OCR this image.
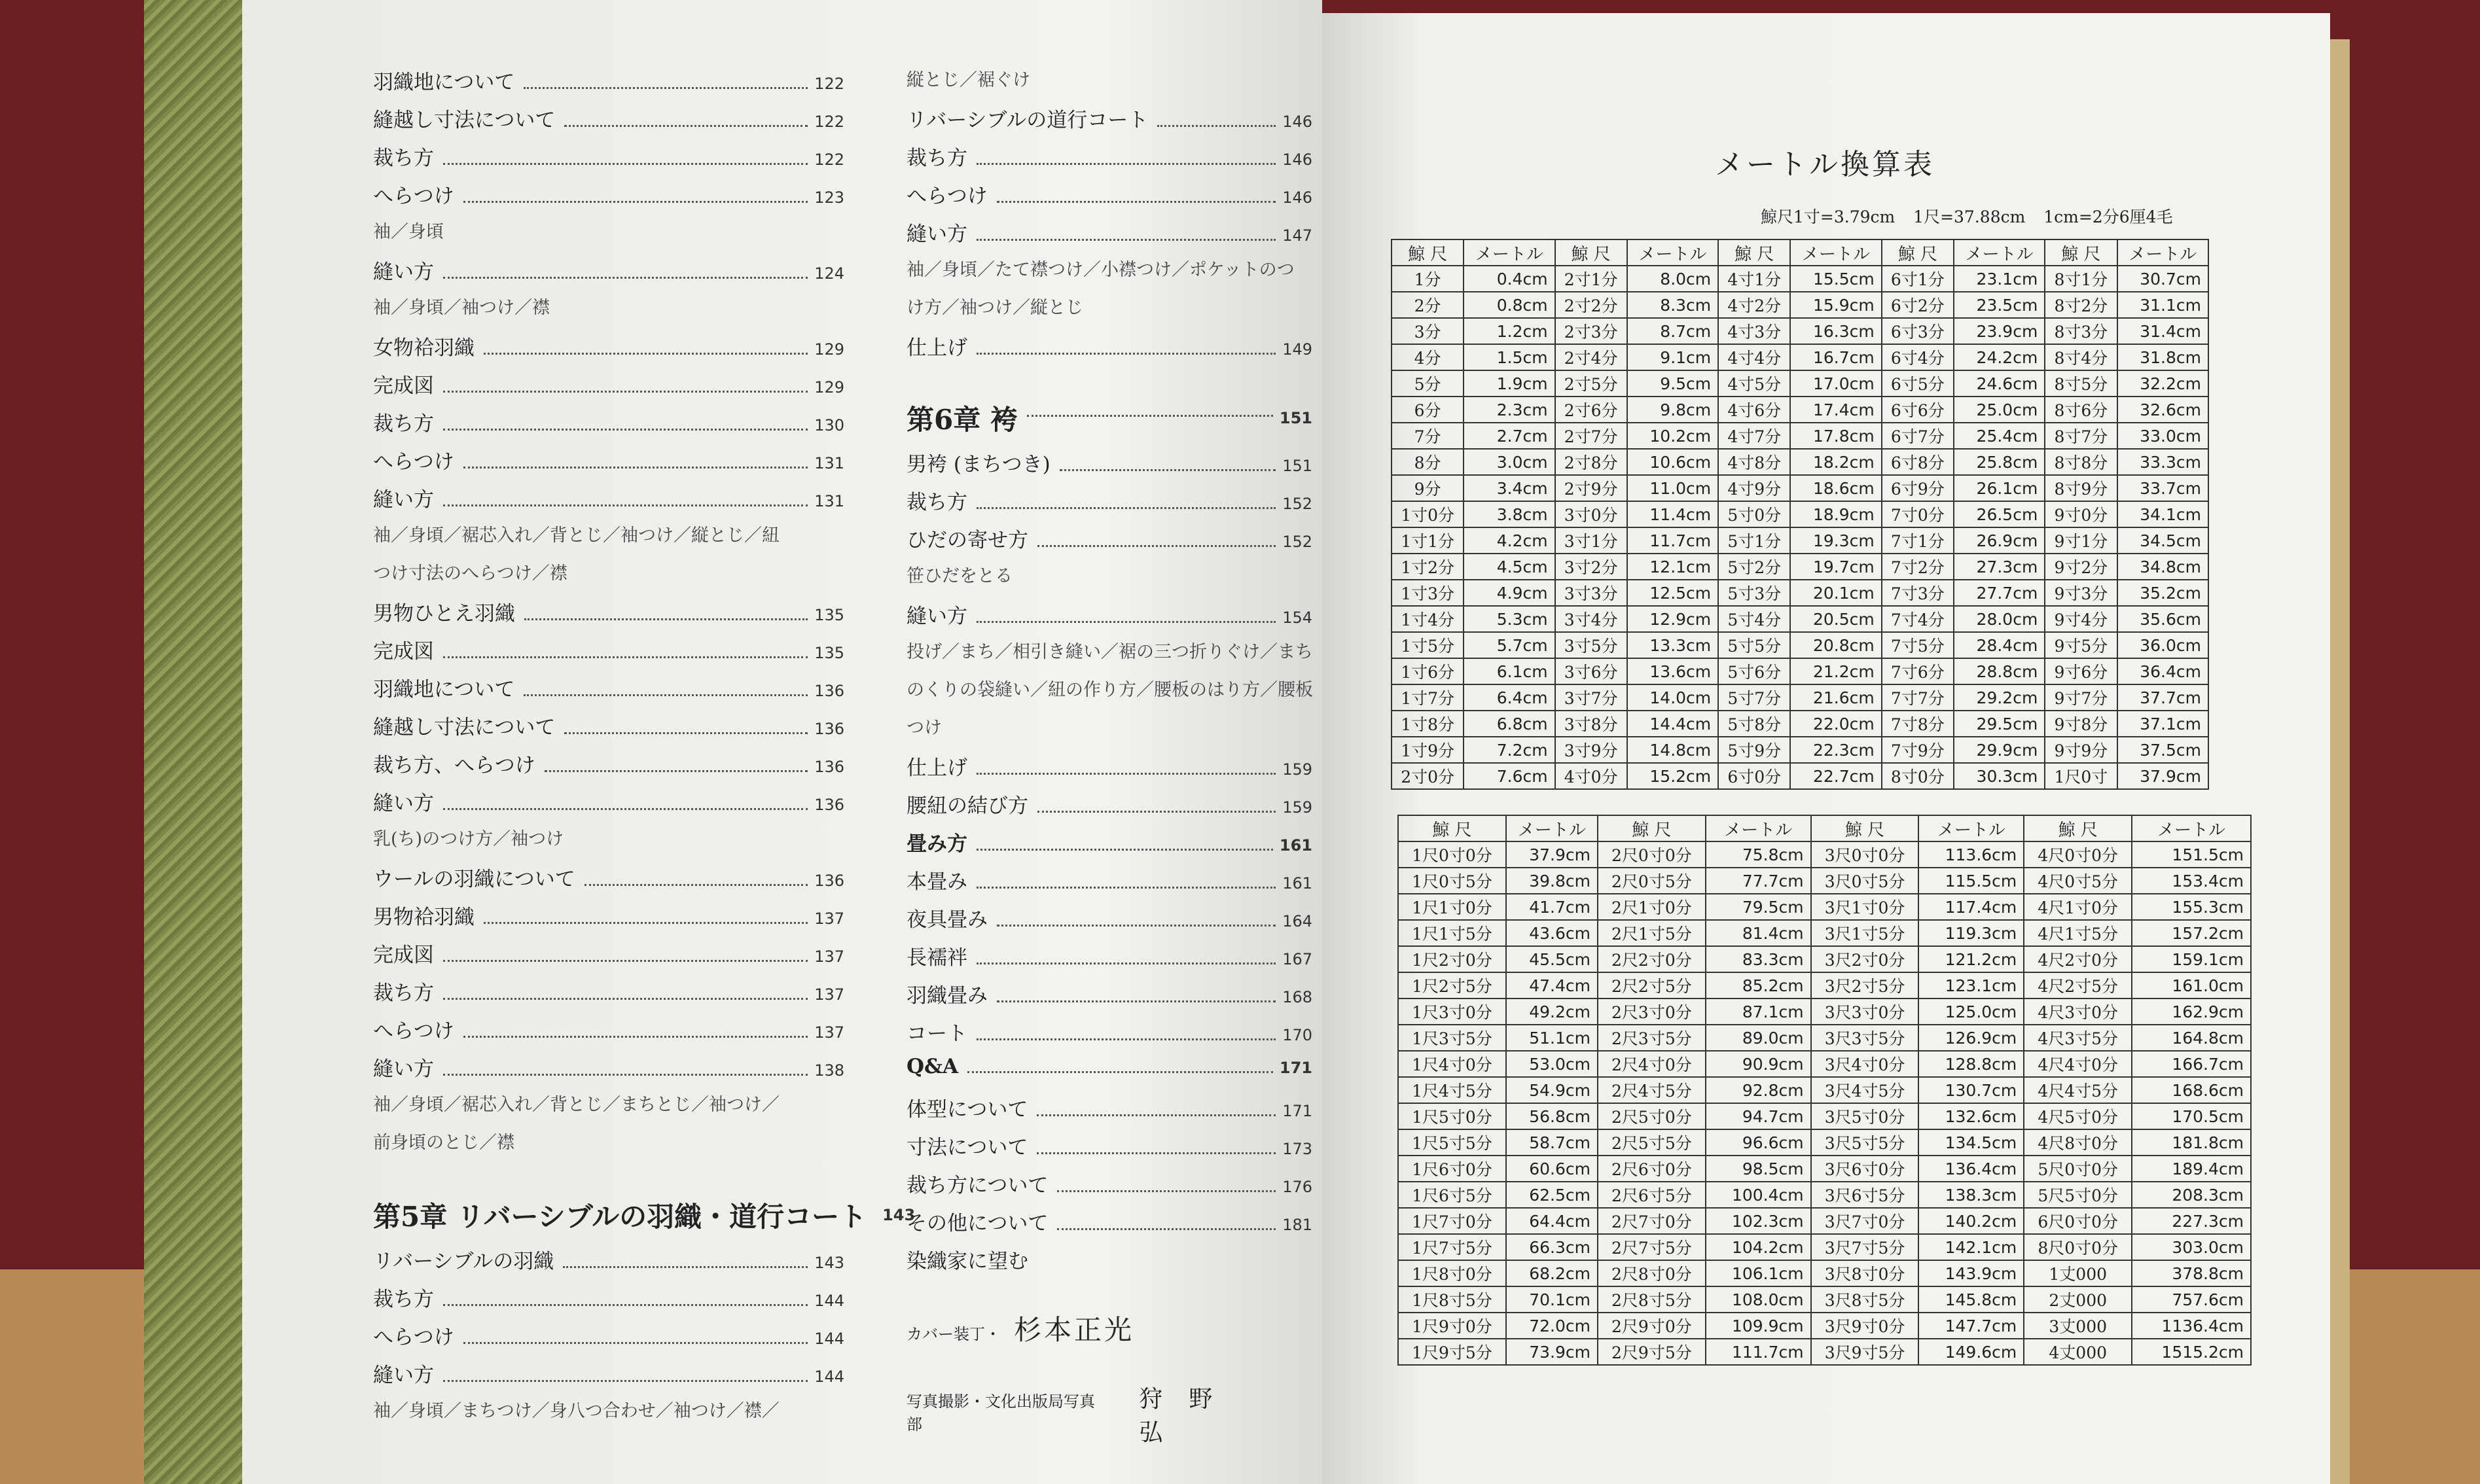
羽織地について	122
縫越し寸法について	122
裁ち方	122
へらつけ	123
袖／身頃
縫い方	124
袖／身頃／袖つけ／襟
女物袷羽織	129
完成図	129
裁ち方	130
へらつけ	131
縫い方	131
袖／身頃／裾芯入れ／背とじ／袖つけ／縦とじ／紐
つけ寸法のへらつけ／襟
男物ひとえ羽織	135
完成図	135
羽織地について	136
縫越し寸法について	136
裁ち方、へらつけ	136
縫い方	136
乳(ち)のつけ方／袖つけ
ウールの羽織について	136
男物袷羽織	137
完成図	137
裁ち方	137
へらつけ	137
縫い方	138
袖／身頃／裾芯入れ／背とじ／まちとじ／袖つけ／
前身頃のとじ／襟
第5章 リバーシブルの羽織・道行コート 143
リバーシブルの羽織	143
裁ち方	144
へらつけ	144
縫い方	144
袖／身頃／まちつけ／身八つ合わせ／袖つけ／襟／
縦とじ／裾ぐけ
リバーシブルの道行コート	146
裁ち方	146
へらつけ	146
縫い方	147
袖／身頃／たて襟つけ／小襟つけ／ポケットのつ
け方／袖つけ／縦とじ
仕上げ	149
第6章 袴	151
男袴 (まちつき)	151
裁ち方	152
ひだの寄せ方	152
笹ひだをとる
縫い方	154
投げ／まち／相引き縫い／裾の三つ折りぐけ／まち
のくりの袋縫い／紐の作り方／腰板のはり方／腰板
つけ
仕上げ	159
腰紐の結び方	159
畳み方	161
本畳み	161
夜具畳み	164
長襦袢	167
羽織畳み	168
コート	170
Q&A	171
体型について	171
寸法について	173
裁ち方について	176
その他について	181
染織家に望む
カバー装丁・ 杉本正光
写真撮影・文化出版局写真部
狩野 弘
メートル換算表
鯨尺1寸=3.79cm 1尺=37.88cm 1cm=2分6厘4毛
鯨 尺	メートル	鯨 尺	メートル	鯨 尺	メートル	鯨 尺	メートル	鯨 尺	メートル
1分	0.4cm	2寸1分	8.0cm	4寸1分	15.5cm	6寸1分	23.1cm	8寸1分	30.7cm
2分	0.8cm	2寸2分	8.3cm	4寸2分	15.9cm	6寸2分	23.5cm	8寸2分	31.1cm
3分	1.2cm	2寸3分	8.7cm	4寸3分	16.3cm	6寸3分	23.9cm	8寸3分	31.4cm
4分	1.5cm	2寸4分	9.1cm	4寸4分	16.7cm	6寸4分	24.2cm	8寸4分	31.8cm
5分	1.9cm	2寸5分	9.5cm	4寸5分	17.0cm	6寸5分	24.6cm	8寸5分	32.2cm
6分	2.3cm	2寸6分	9.8cm	4寸6分	17.4cm	6寸6分	25.0cm	8寸6分	32.6cm
7分	2.7cm	2寸7分	10.2cm	4寸7分	17.8cm	6寸7分	25.4cm	8寸7分	33.0cm
8分	3.0cm	2寸8分	10.6cm	4寸8分	18.2cm	6寸8分	25.8cm	8寸8分	33.3cm
9分	3.4cm	2寸9分	11.0cm	4寸9分	18.6cm	6寸9分	26.1cm	8寸9分	33.7cm
1寸0分	3.8cm	3寸0分	11.4cm	5寸0分	18.9cm	7寸0分	26.5cm	9寸0分	34.1cm
1寸1分	4.2cm	3寸1分	11.7cm	5寸1分	19.3cm	7寸1分	26.9cm	9寸1分	34.5cm
1寸2分	4.5cm	3寸2分	12.1cm	5寸2分	19.7cm	7寸2分	27.3cm	9寸2分	34.8cm
1寸3分	4.9cm	3寸3分	12.5cm	5寸3分	20.1cm	7寸3分	27.7cm	9寸3分	35.2cm
1寸4分	5.3cm	3寸4分	12.9cm	5寸4分	20.5cm	7寸4分	28.0cm	9寸4分	35.6cm
1寸5分	5.7cm	3寸5分	13.3cm	5寸5分	20.8cm	7寸5分	28.4cm	9寸5分	36.0cm
1寸6分	6.1cm	3寸6分	13.6cm	5寸6分	21.2cm	7寸6分	28.8cm	9寸6分	36.4cm
1寸7分	6.4cm	3寸7分	14.0cm	5寸7分	21.6cm	7寸7分	29.2cm	9寸7分	37.7cm
1寸8分	6.8cm	3寸8分	14.4cm	5寸8分	22.0cm	7寸8分	29.5cm	9寸8分	37.1cm
1寸9分	7.2cm	3寸9分	14.8cm	5寸9分	22.3cm	7寸9分	29.9cm	9寸9分	37.5cm
2寸0分	7.6cm	4寸0分	15.2cm	6寸0分	22.7cm	8寸0分	30.3cm	1尺0寸	37.9cm
鯨 尺	メートル	鯨 尺	メートル	鯨 尺	メートル	鯨 尺	メートル
1尺0寸0分	37.9cm	2尺0寸0分	75.8cm	3尺0寸0分	113.6cm	4尺0寸0分	151.5cm
1尺0寸5分	39.8cm	2尺0寸5分	77.7cm	3尺0寸5分	115.5cm	4尺0寸5分	153.4cm
1尺1寸0分	41.7cm	2尺1寸0分	79.5cm	3尺1寸0分	117.4cm	4尺1寸0分	155.3cm
1尺1寸5分	43.6cm	2尺1寸5分	81.4cm	3尺1寸5分	119.3cm	4尺1寸5分	157.2cm
1尺2寸0分	45.5cm	2尺2寸0分	83.3cm	3尺2寸0分	121.2cm	4尺2寸0分	159.1cm
1尺2寸5分	47.4cm	2尺2寸5分	85.2cm	3尺2寸5分	123.1cm	4尺2寸5分	161.0cm
1尺3寸0分	49.2cm	2尺3寸0分	87.1cm	3尺3寸0分	125.0cm	4尺3寸0分	162.9cm
1尺3寸5分	51.1cm	2尺3寸5分	89.0cm	3尺3寸5分	126.9cm	4尺3寸5分	164.8cm
1尺4寸0分	53.0cm	2尺4寸0分	90.9cm	3尺4寸0分	128.8cm	4尺4寸0分	166.7cm
1尺4寸5分	54.9cm	2尺4寸5分	92.8cm	3尺4寸5分	130.7cm	4尺4寸5分	168.6cm
1尺5寸0分	56.8cm	2尺5寸0分	94.7cm	3尺5寸0分	132.6cm	4尺5寸0分	170.5cm
1尺5寸5分	58.7cm	2尺5寸5分	96.6cm	3尺5寸5分	134.5cm	4尺8寸0分	181.8cm
1尺6寸0分	60.6cm	2尺6寸0分	98.5cm	3尺6寸0分	136.4cm	5尺0寸0分	189.4cm
1尺6寸5分	62.5cm	2尺6寸5分	100.4cm	3尺6寸5分	138.3cm	5尺5寸0分	208.3cm
1尺7寸0分	64.4cm	2尺7寸0分	102.3cm	3尺7寸0分	140.2cm	6尺0寸0分	227.3cm
1尺7寸5分	66.3cm	2尺7寸5分	104.2cm	3尺7寸5分	142.1cm	8尺0寸0分	303.0cm
1尺8寸0分	68.2cm	2尺8寸0分	106.1cm	3尺8寸0分	143.9cm	1丈000	378.8cm
1尺8寸5分	70.1cm	2尺8寸5分	108.0cm	3尺8寸5分	145.8cm	2丈000	757.6cm
1尺9寸0分	72.0cm	2尺9寸0分	109.9cm	3尺9寸0分	147.7cm	3丈000	1136.4cm
1尺9寸5分	73.9cm	2尺9寸5分	111.7cm	3尺9寸5分	149.6cm	4丈000	1515.2cm
